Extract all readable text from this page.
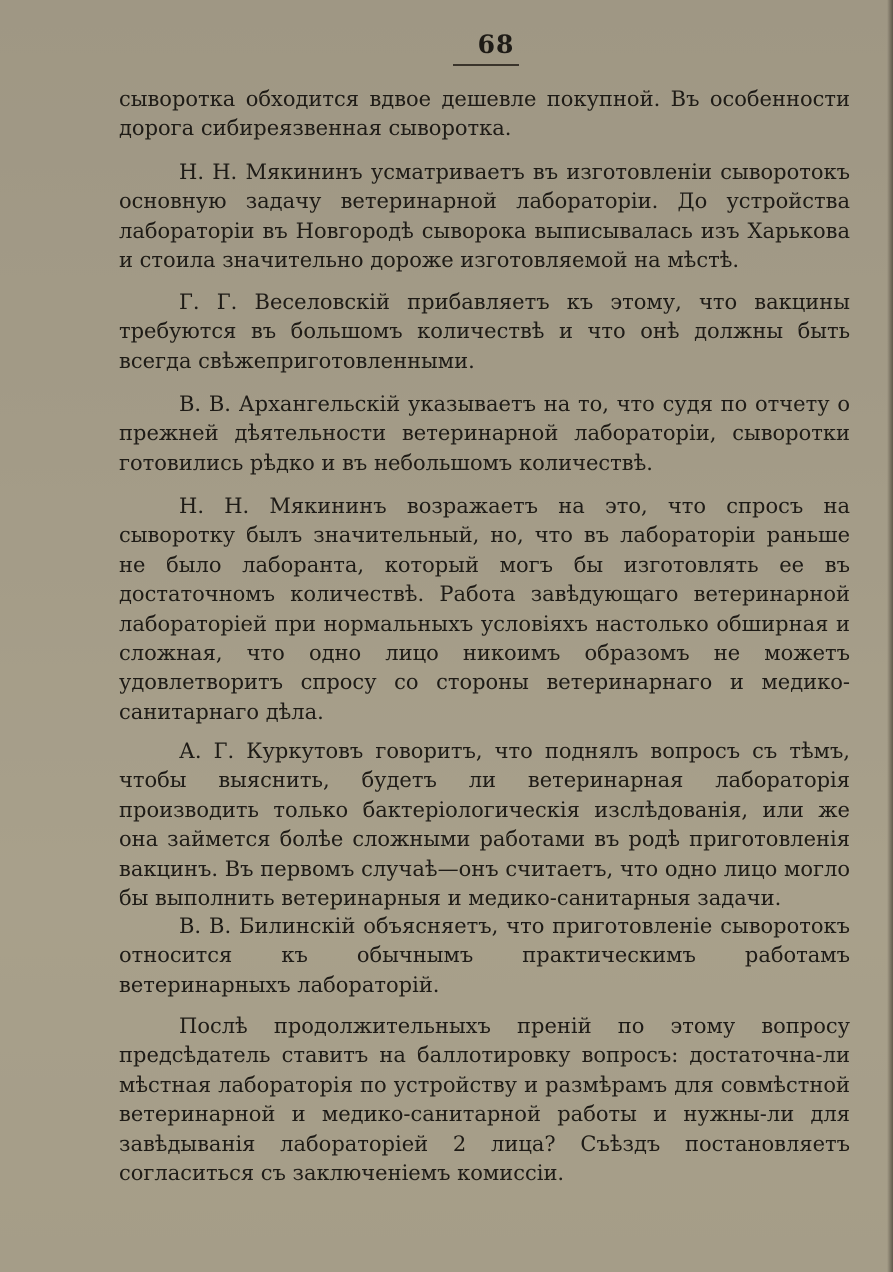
68

сыворотка обходится вдвое дешевле покупной. Въ особенности дорога сибиреязвенная сыворотка.

Н. Н. Мякининъ усматриваетъ въ изготовленіи сыворотокъ основную задачу ветеринарной лабораторіи. До устройства лабораторіи въ Новгородѣ сыворока выписывалась изъ Харькова и стоила значительно дороже изготовляемой на мѣстѣ.

Г. Г. Веселовскій прибавляетъ къ этому, что вакцины требуются въ большомъ количествѣ и что онѣ должны быть всегда свѣжеприготовленными.

В. В. Архангельскій указываетъ на то, что судя по отчету о прежней дѣятельности ветеринарной лабораторіи, сыворотки готовились рѣдко и въ небольшомъ количествѣ.

Н. Н. Мякининъ возражаетъ на это, что спросъ на сыворотку былъ значительный, но, что въ лабораторіи раньше не было лаборанта, который могъ бы изготовлять ее въ достаточномъ количествѣ. Работа завѣдующаго ветеринарной лабораторіей при нормальныхъ условіяхъ настолько обширная и сложная, что одно лицо никоимъ образомъ не можетъ удовлетворитъ спросу со стороны ветеринарнаго и медико-санитарнаго дѣла.

А. Г. Куркутовъ говоритъ, что поднялъ вопросъ съ тѣмъ, чтобы выяснить, будетъ ли ветеринарная лабораторія производить только бактеріологическія изслѣдованія, или же она займется болѣе сложными работами въ родѣ приготовленія вакцинъ. Въ первомъ случаѣ—онъ считаетъ, что одно лицо могло бы выполнить ветеринарныя и медико-санитарныя задачи.

В. В. Билинскій объясняетъ, что приготовленіе сыворотокъ относится къ обычнымъ практическимъ работамъ ветеринарныхъ лабораторій.

Послѣ продолжительныхъ преній по этому вопросу предсѣдатель ставитъ на баллотировку вопросъ: достаточна-ли мѣстная лабораторія по устройству и размѣрамъ для совмѣстной ветеринарной и медико-санитарной работы и нужны-ли для завѣдыванія лабораторіей 2 лица? Съѣздъ постановляетъ согласиться съ заключеніемъ комиссіи.
